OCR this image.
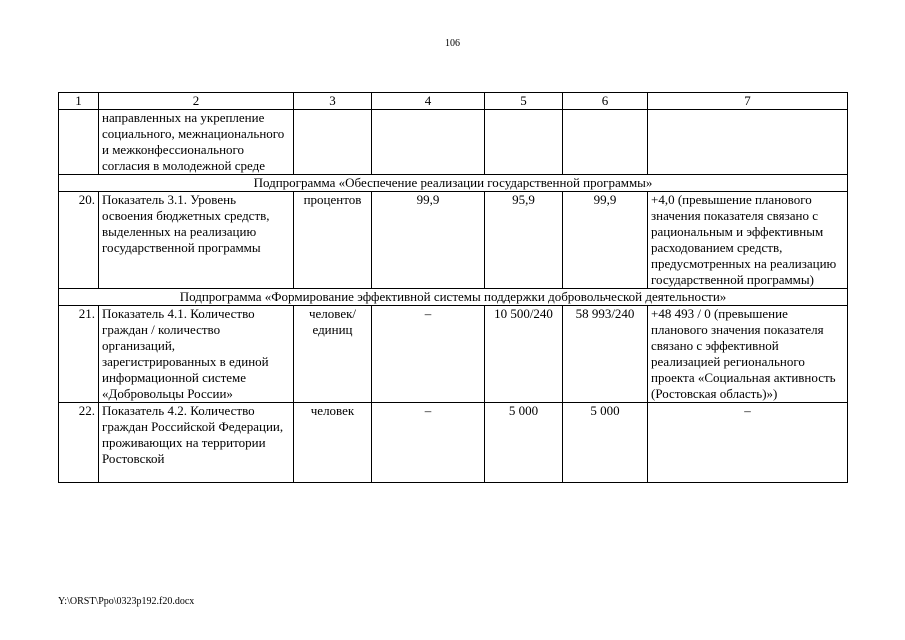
106
1	2	3	4	5	6	7
	направленных на укрепление социального, межнационального и межконфессионального согласия в молодежной среде					
Подпрограмма «Обеспечение реализации государственной программы»						
20.	Показатель 3.1. Уровень освоения бюджетных средств, выделенных на реализацию государственной программы	процентов	99,9	95,9	99,9	+4,0 (превышение планового значения показателя связано с рациональным и эффективным расходованием средств, предусмотренных на реализацию государственной программы)
Подпрограмма «Формирование эффективной системы поддержки добровольческой деятельности»						
21.	Показатель 4.1. Количество граждан / количество организаций, зарегистрированных в единой информационной системе «Добровольцы России»	человек/ единиц	–	10 500/240	58 993/240	+48 493 / 0 (превышение планового значения показателя связано с эффективной реализацией регионального проекта «Социальная активность (Ростовская область)»)
22.	Показатель 4.2. Количество граждан Российской Федерации, проживающих на территории Ростовской	человек	–	5 000	5 000	–
Y:\ORST\Ppo\0323p192.f20.docx
